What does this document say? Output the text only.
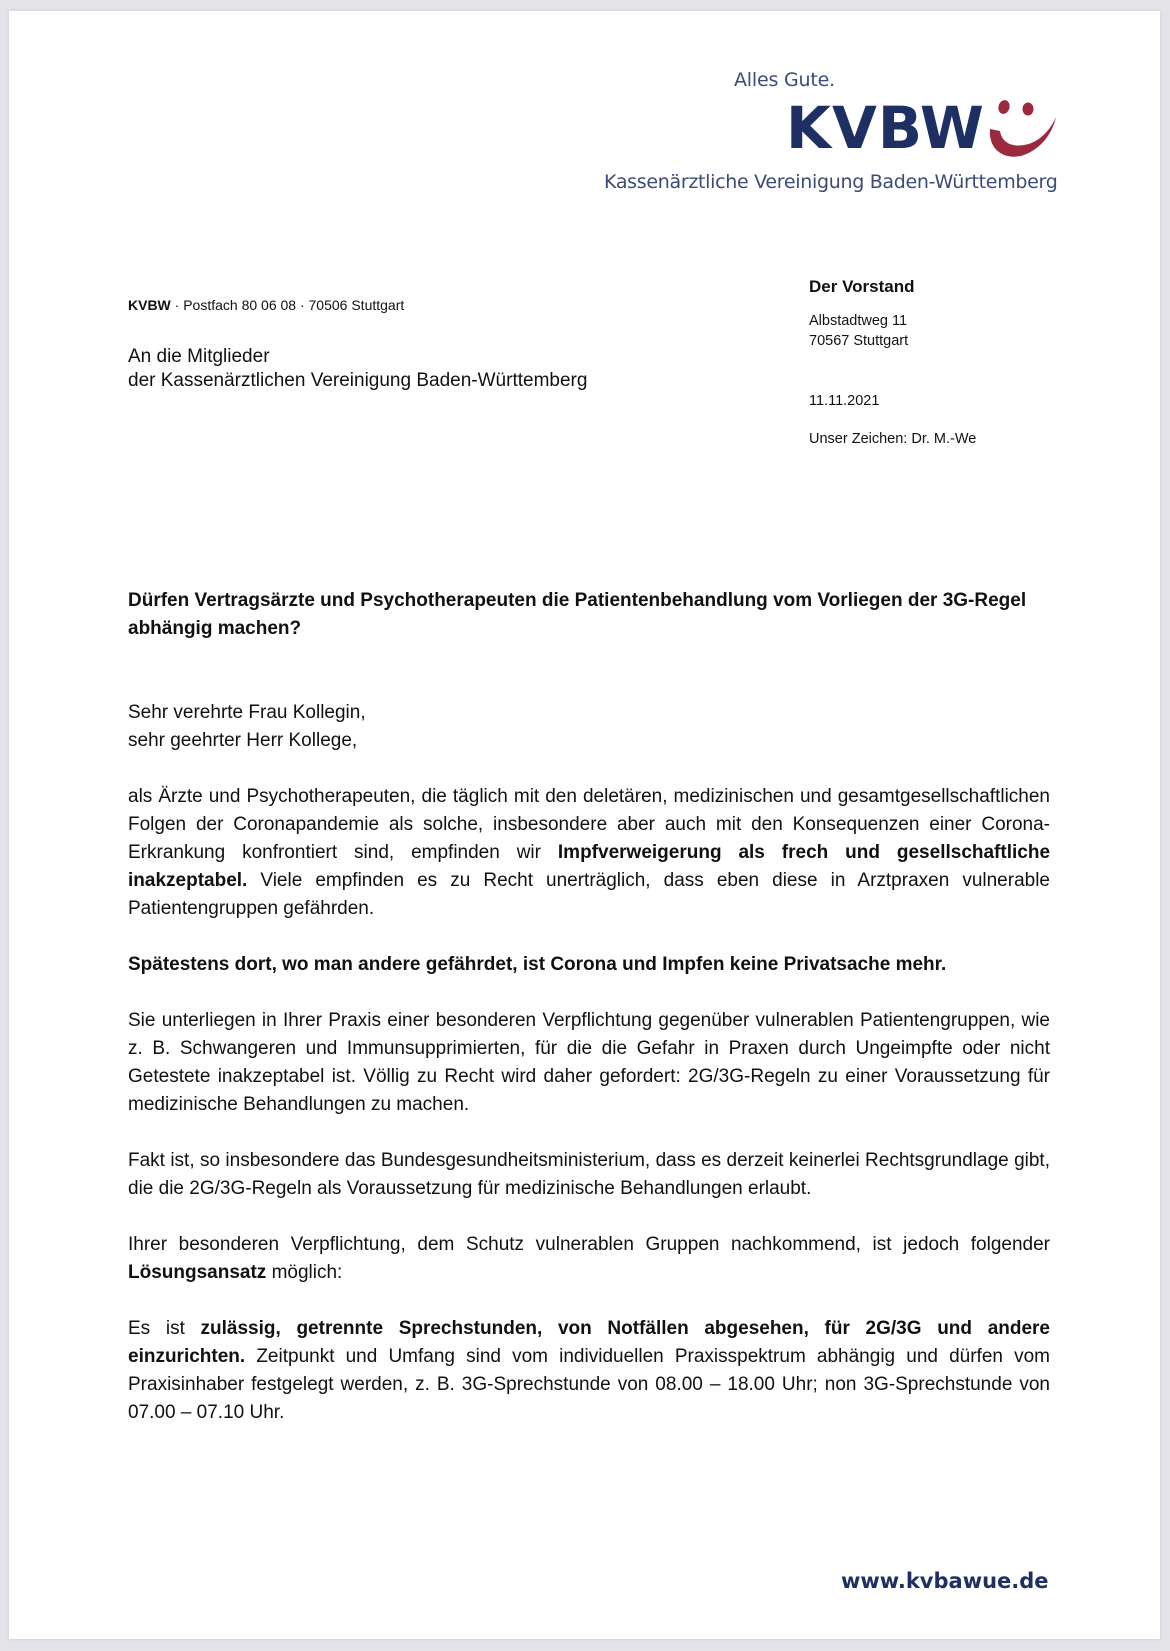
Alles Gute.
KVBW
Kassenärztliche Vereinigung Baden-Württemberg
KVBW · Postfach 80 06 08 · 70506 Stuttgart
An die Mitglieder
der Kassenärztlichen Vereinigung Baden-Württemberg
Der Vorstand
Albstadtweg 11
70567 Stuttgart
11.11.2021
Unser Zeichen: Dr. M.-We
Dürfen Vertragsärzte und Psychotherapeuten die Patientenbehandlung vom Vorliegen der 3G-Regel abhängig machen?

Sehr verehrte Frau Kollegin,
sehr geehrter Herr Kollege,

als Ärzte und Psychotherapeuten, die täglich mit den deletären, medizinischen und gesamtgesellschaftlichen Folgen der Coronapandemie als solche, insbesondere aber auch mit den Konsequenzen einer Corona-Erkrankung konfrontiert sind, empfinden wir Impfverweigerung als frech und gesellschaftliche inakzeptabel. Viele empfinden es zu Recht unerträglich, dass eben diese in Arztpraxen vulnerable Patientengruppen gefährden.

Spätestens dort, wo man andere gefährdet, ist Corona und Impfen keine Privatsache mehr.

Sie unterliegen in Ihrer Praxis einer besonderen Verpflichtung gegenüber vulnerablen Patientengruppen, wie z. B. Schwangeren und Immunsupprimierten, für die die Gefahr in Praxen durch Ungeimpfte oder nicht Getestete inakzeptabel ist. Völlig zu Recht wird daher gefordert: 2G/3G-Regeln zu einer Voraussetzung für medizinische Behandlungen zu machen.

Fakt ist, so insbesondere das Bundesgesundheitsministerium, dass es derzeit keinerlei Rechtsgrundlage gibt, die die 2G/3G-Regeln als Voraussetzung für medizinische Behandlungen erlaubt.

Ihrer besonderen Verpflichtung, dem Schutz vulnerablen Gruppen nachkommend, ist jedoch folgender Lösungsansatz möglich:

Es ist zulässig, getrennte Sprechstunden, von Notfällen abgesehen, für 2G/3G und andere einzurichten. Zeitpunkt und Umfang sind vom individuellen Praxisspektrum abhängig und dürfen vom Praxisinhaber festgelegt werden, z. B. 3G-Sprechstunde von 08.00 – 18.00 Uhr; non 3G-Sprechstunde von 07.00 – 07.10 Uhr.

www.kvbawue.de
